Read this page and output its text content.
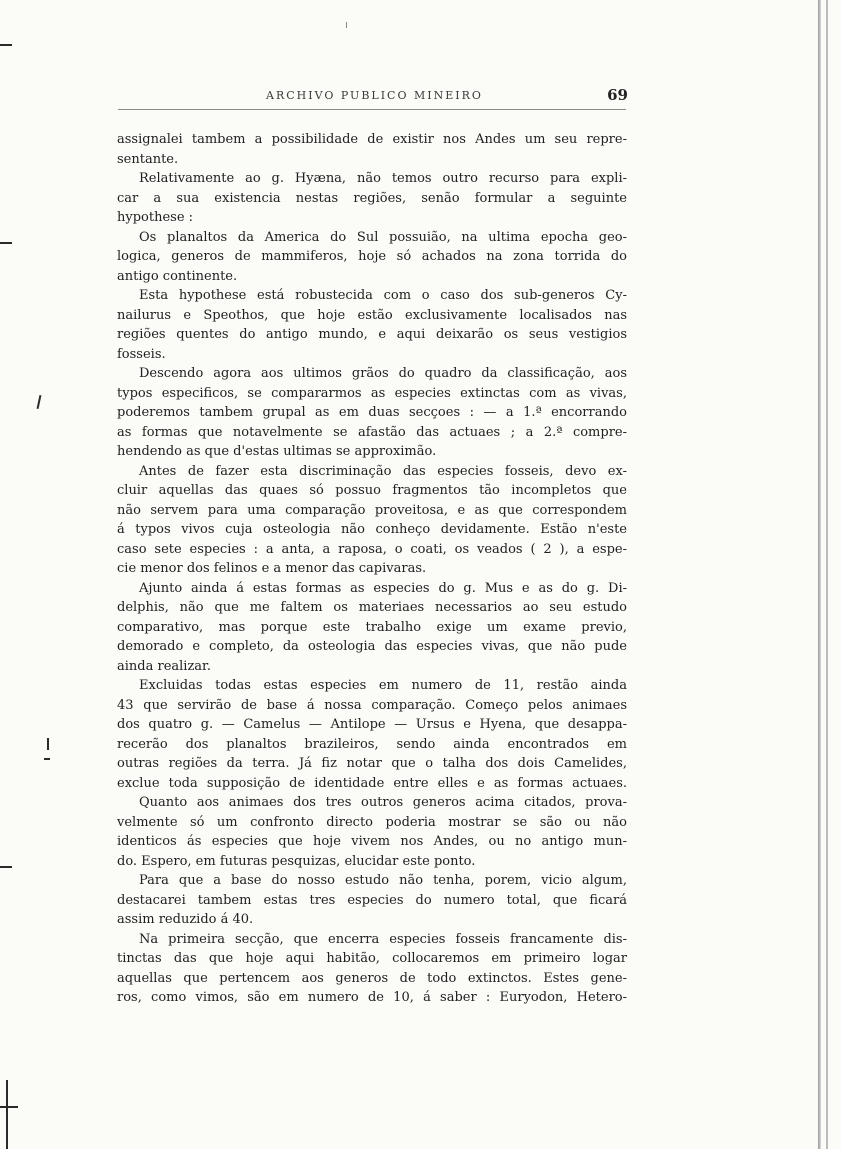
ARCHIVO PUBLICO MINEIRO	69
assignalei tambem a possibilidade de existir nos Andes um seu repre-
sentante.
Relativamente ao g. Hyæna, não temos outro recurso para expli-
car a sua existencia nestas regiões, senão formular a seguinte
hypothese :
Os planaltos da America do Sul possuião, na ultima epocha geo-
logica, generos de mammiferos, hoje só achados na zona torrida do
antigo continente.
Esta hypothese está robustecida com o caso dos sub-generos Cy-
nailurus e Speothos, que hoje estão exclusivamente localisados nas
regiões quentes do antigo mundo, e aqui deixarão os seus vestigios
fosseis.
Descendo agora aos ultimos grãos do quadro da classificação, aos
typos especificos, se compararmos as especies extinctas com as vivas,
poderemos tambem grupal as em duas secçoes : — a 1.ª encorrando
as formas que notavelmente se afastão das actuaes ; a 2.ª compre-
hendendo as que d'estas ultimas se approximão.
Antes de fazer esta discriminação das especies fosseis, devo ex-
cluir aquellas das quaes só possuo fragmentos tão incompletos que
não servem para uma comparação proveitosa, e as que correspondem
á typos vivos cuja osteologia não conheço devidamente. Estão n'este
caso sete especies : a anta, a raposa, o coati, os veados ( 2 ), a espe-
cie menor dos felinos e a menor das capivaras.
Ajunto ainda á estas formas as especies do g. Mus e as do g. Di-
delphis, não que me faltem os materiaes necessarios ao seu estudo
comparativo, mas porque este trabalho exige um exame previo,
demorado e completo, da osteologia das especies vivas, que não pude
ainda realizar.
Excluidas todas estas especies em numero de 11, restão ainda
43 que servirão de base á nossa comparação. Começo pelos animaes
dos quatro g. — Camelus — Antilope — Ursus e Hyena, que desappa-
recerão dos planaltos brazileiros, sendo ainda encontrados em
outras regiões da terra. Já fiz notar que o talha dos dois Camelides,
exclue toda supposição de identidade entre elles e as formas actuaes.
Quanto aos animaes dos tres outros generos acima citados, prova-
velmente só um confronto directo poderia mostrar se são ou não
identicos ás especies que hoje vivem nos Andes, ou no antigo mun-
do. Espero, em futuras pesquizas, elucidar este ponto.
Para que a base do nosso estudo não tenha, porem, vicio algum,
destacarei tambem estas tres especies do numero total, que ficará
assim reduzido á 40.
Na primeira secção, que encerra especies fosseis francamente dis-
tinctas das que hoje aqui habitão, collocaremos em primeiro logar
aquellas que pertencem aos generos de todo extinctos. Estes gene-
ros, como vimos, são em numero de 10, á saber : Euryodon, Hetero-
